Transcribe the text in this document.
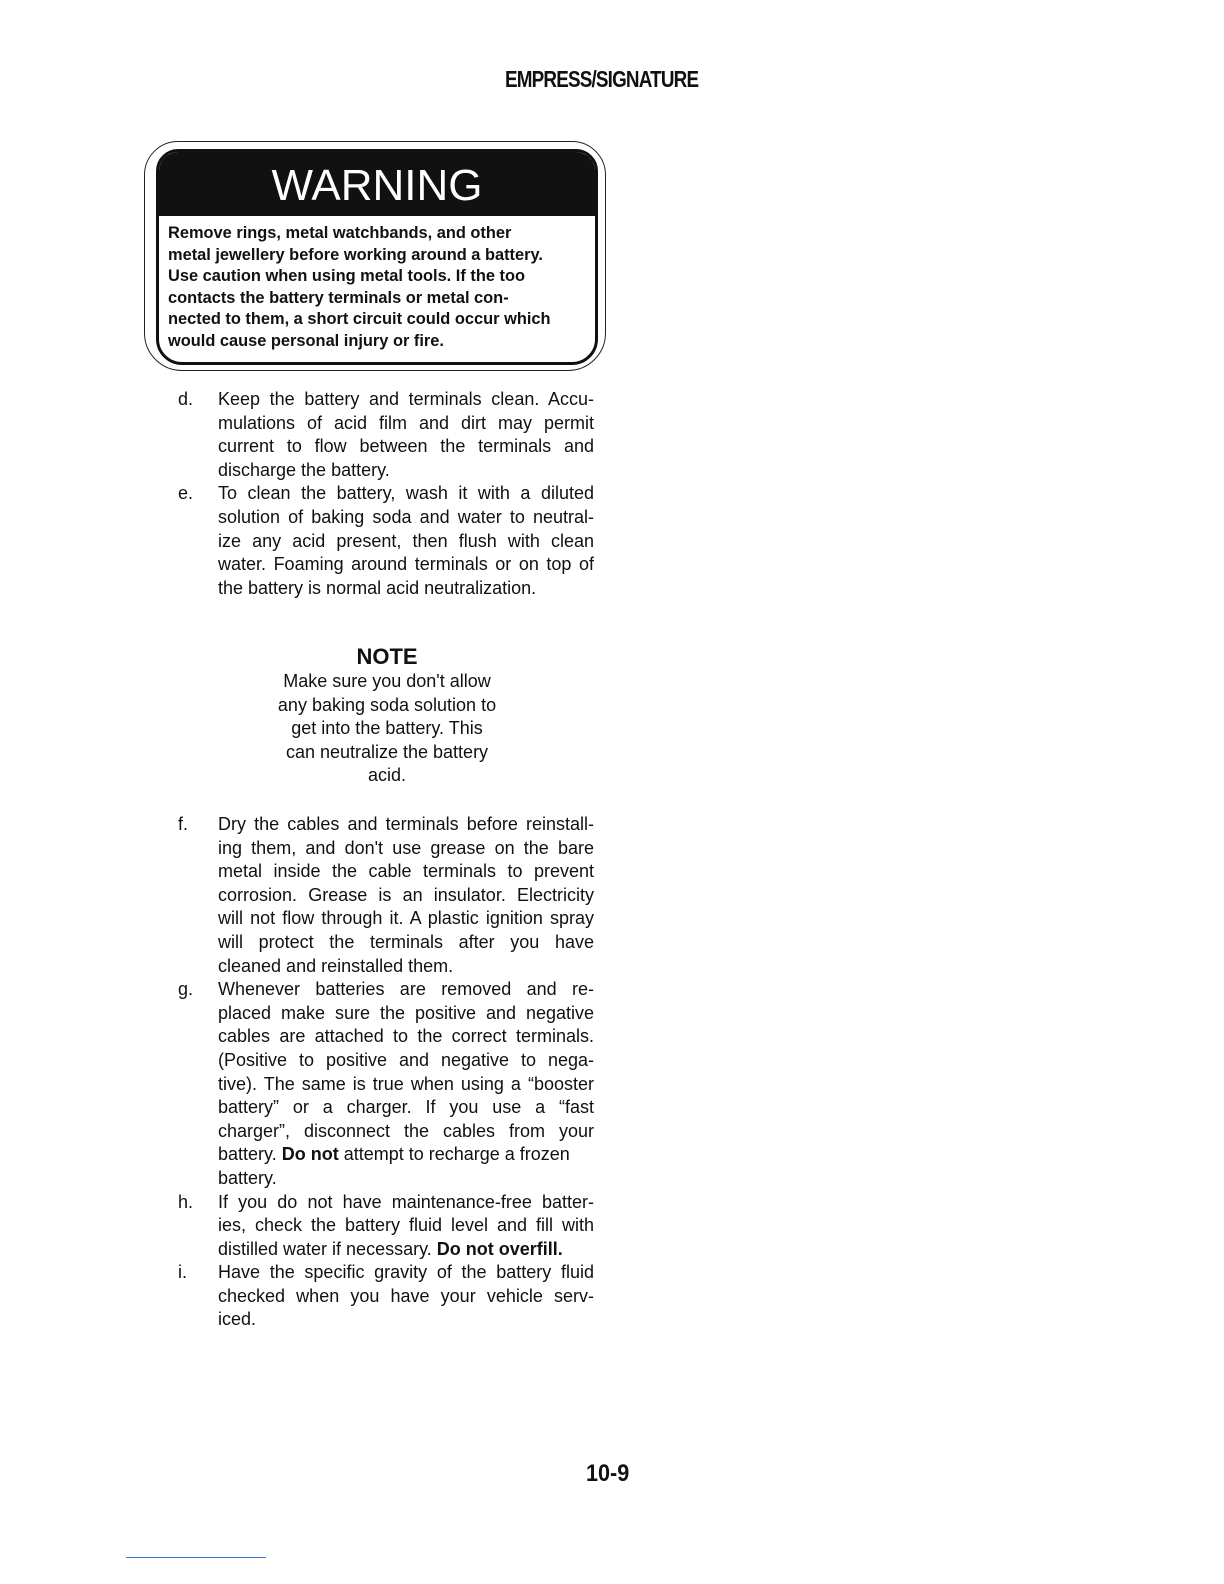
EMPRESS/SIGNATURE
WARNING
Remove rings, metal watchbands, and other
metal jewellery before working around a battery.
Use caution when using metal tools. If the too
contacts the battery terminals or metal con-
nected to them, a short circuit could occur which
would cause personal injury or fire.
d. Keep the battery and terminals clean. Accu-
mulations of acid film and dirt may permit
current to flow between the terminals and
discharge the battery.
e. To clean the battery, wash it with a diluted
solution of baking soda and water to neutral-
ize any acid present, then flush with clean
water. Foaming around terminals or on top of
the battery is normal acid neutralization.
NOTE
Make sure you don't allow
any baking soda solution to
get into the battery. This
can neutralize the battery
acid.
f. Dry the cables and terminals before reinstall-
ing them, and don't use grease on the bare
metal inside the cable terminals to prevent
corrosion. Grease is an insulator. Electricity
will not flow through it. A plastic ignition spray
will protect the terminals after you have
cleaned and reinstalled them.
g. Whenever batteries are removed and re-
placed make sure the positive and negative
cables are attached to the correct terminals.
(Positive to positive and negative to nega-
tive). The same is true when using a “booster
battery” or a charger. If you use a “fast
charger”, disconnect the cables from your
battery. Do not attempt to recharge a frozen
battery.
h. If you do not have maintenance-free batter-
ies, check the battery fluid level and fill with
distilled water if necessary. Do not overfill.
i. Have the specific gravity of the battery fluid
checked when you have your vehicle serv-
iced.
10-9
